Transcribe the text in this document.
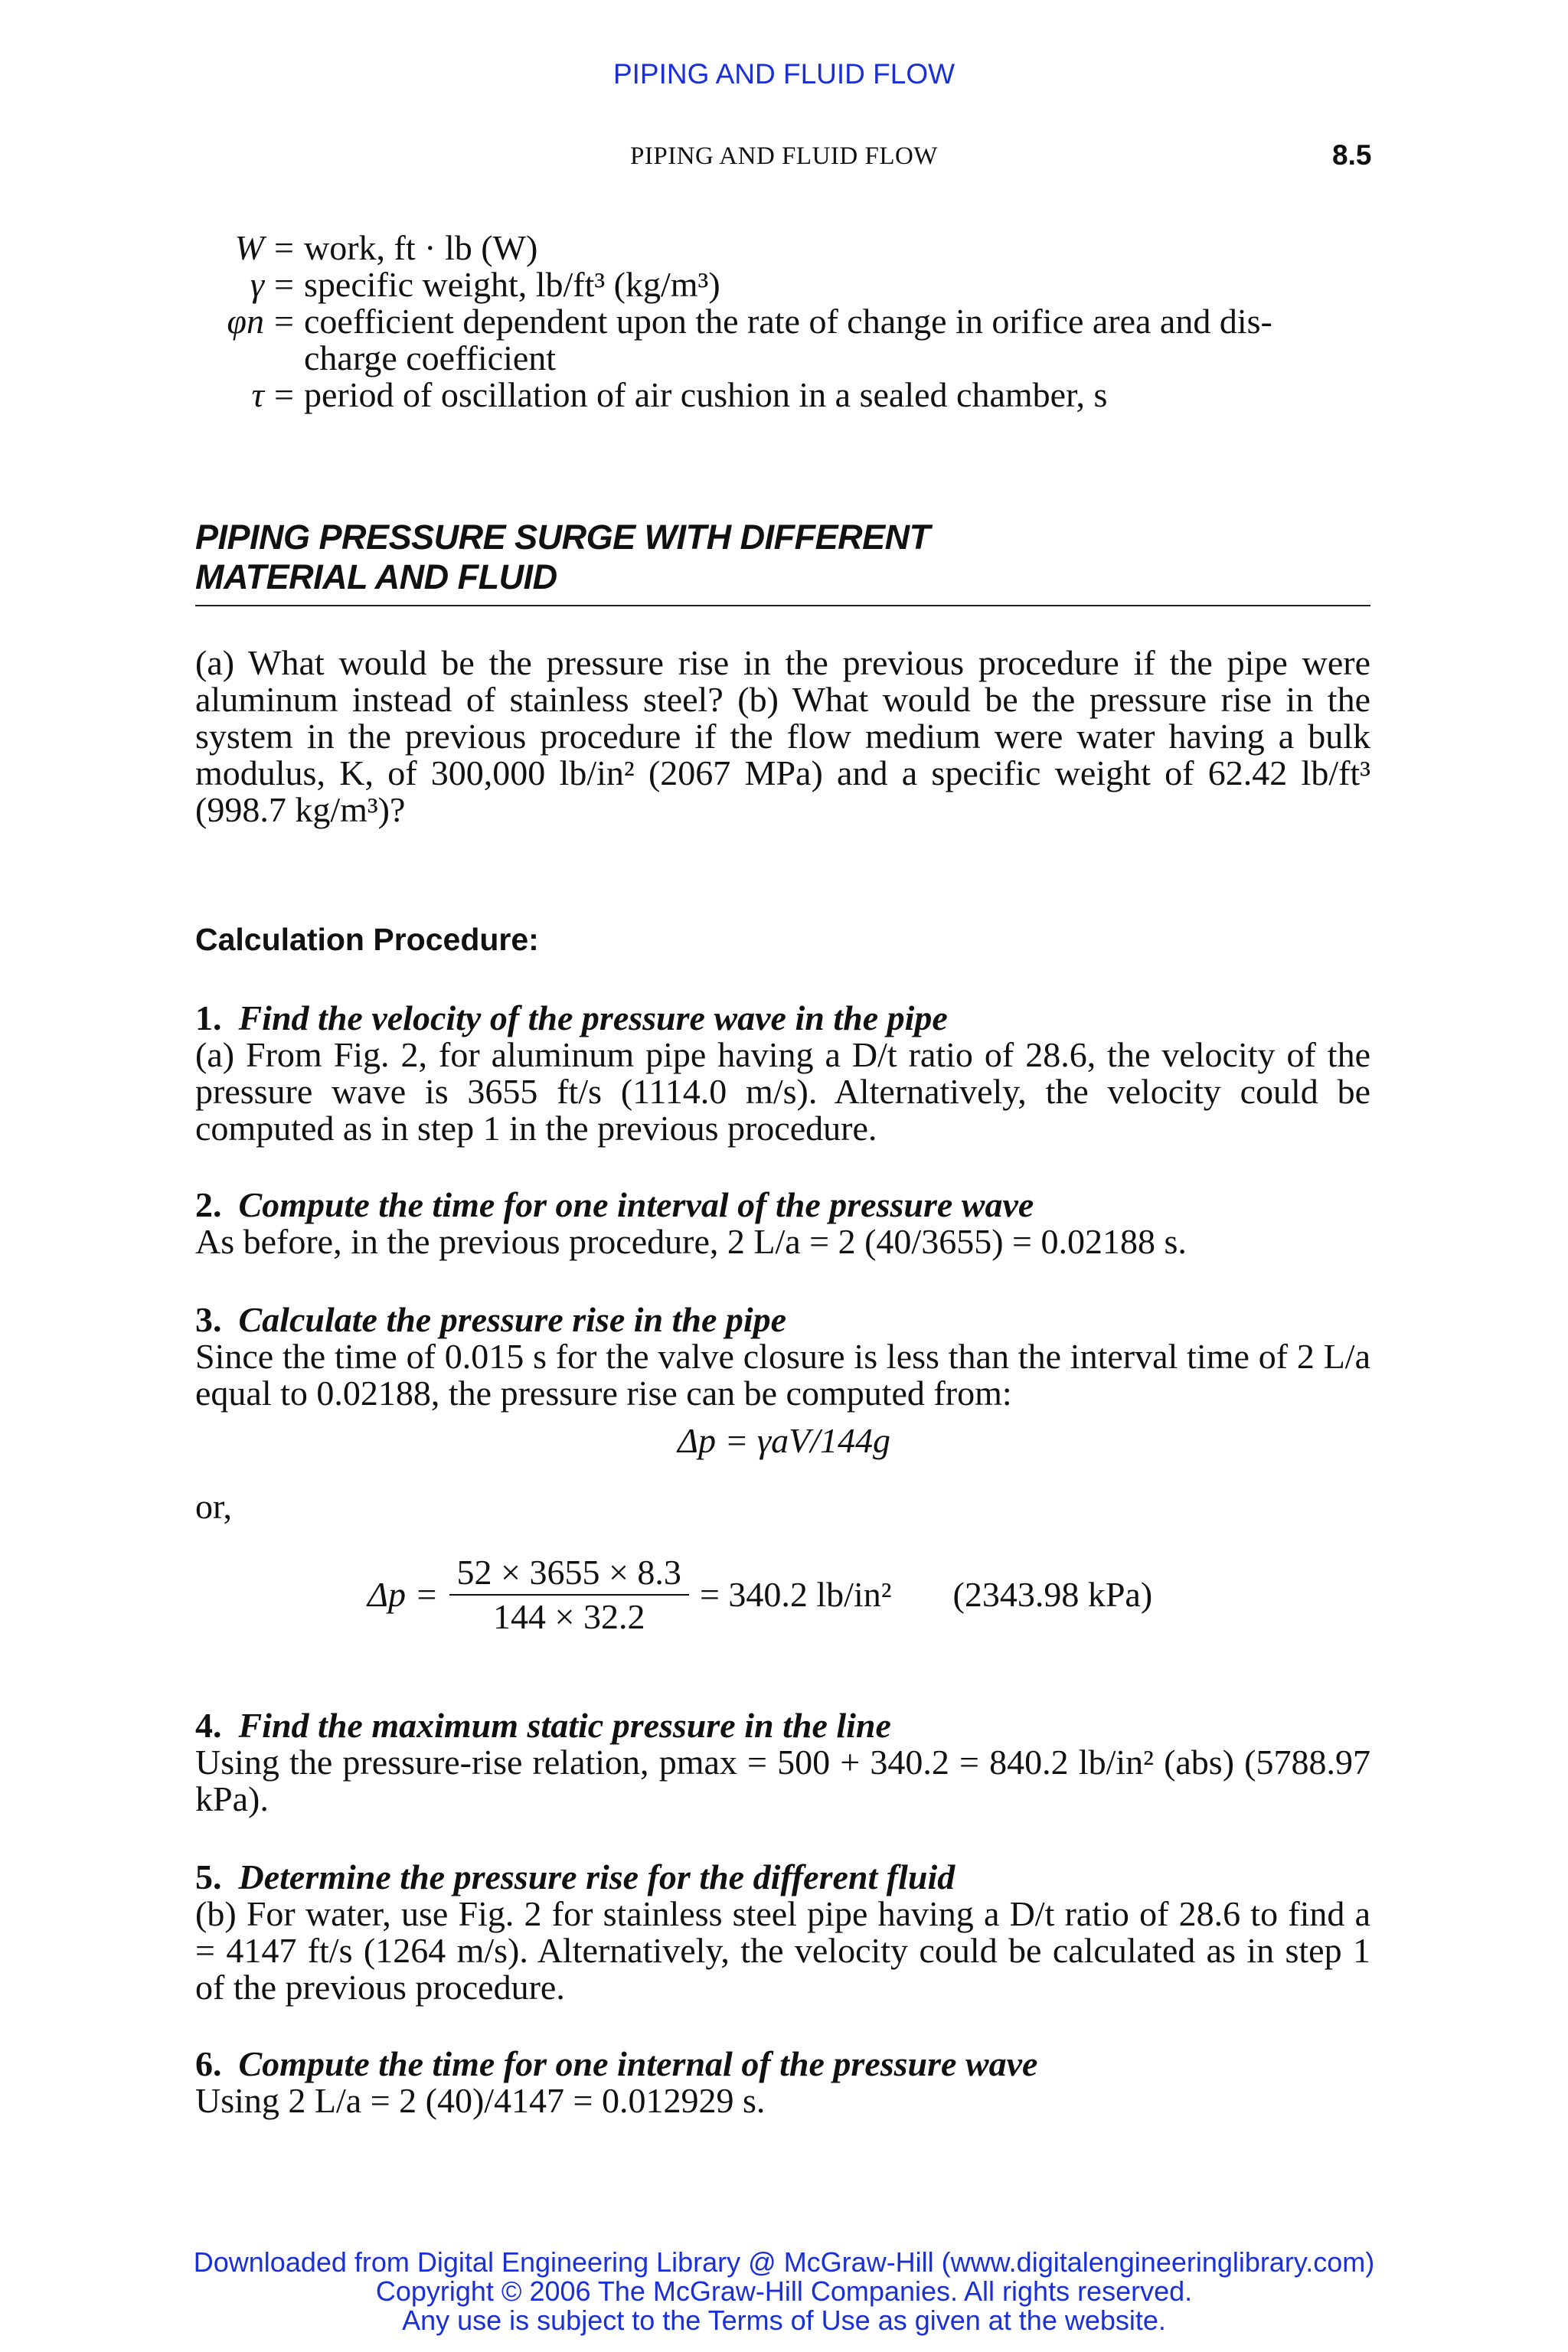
PIPING AND FLUID FLOW
PIPING AND FLUID FLOW	8.5
W = work, ft · lb (W)
γ = specific weight, lb/ft³ (kg/m³)
φn = coefficient dependent upon the rate of change in orifice area and dis-
charge coefficient
τ = period of oscillation of air cushion in a sealed chamber, s
PIPING PRESSURE SURGE WITH DIFFERENT
MATERIAL AND FLUID
(a) What would be the pressure rise in the previous procedure if the pipe were aluminum instead of stainless steel? (b) What would be the pressure rise in the system in the previous procedure if the flow medium were water having a bulk modulus, K, of 300,000 lb/in² (2067 MPa) and a specific weight of 62.42 lb/ft³ (998.7 kg/m³)?
Calculation Procedure:
1. Find the velocity of the pressure wave in the pipe
(a) From Fig. 2, for aluminum pipe having a D/t ratio of 28.6, the velocity of the pressure wave is 3655 ft/s (1114.0 m/s). Alternatively, the velocity could be computed as in step 1 in the previous procedure.
2. Compute the time for one interval of the pressure wave
As before, in the previous procedure, 2 L/a = 2 (40/3655) = 0.02188 s.
3. Calculate the pressure rise in the pipe
Since the time of 0.015 s for the valve closure is less than the interval time of 2 L/a equal to 0.02188, the pressure rise can be computed from:
Δp = γaV/144g
or,
$\Delta p = \frac{52 \times 3655 \times 8.3}{144 \times 32.2} = 340.2$ lb/in² (2343.98 kPa)
4. Find the maximum static pressure in the line
Using the pressure-rise relation, pmax = 500 + 340.2 = 840.2 lb/in² (abs) (5788.97 kPa).
5. Determine the pressure rise for the different fluid
(b) For water, use Fig. 2 for stainless steel pipe having a D/t ratio of 28.6 to find a = 4147 ft/s (1264 m/s). Alternatively, the velocity could be calculated as in step 1 of the previous procedure.
6. Compute the time for one internal of the pressure wave
Using 2 L/a = 2 (40)/4147 = 0.012929 s.
Downloaded from Digital Engineering Library @ McGraw-Hill (www.digitalengineeringlibrary.com)
Copyright © 2006 The McGraw-Hill Companies. All rights reserved.
Any use is subject to the Terms of Use as given at the website.
